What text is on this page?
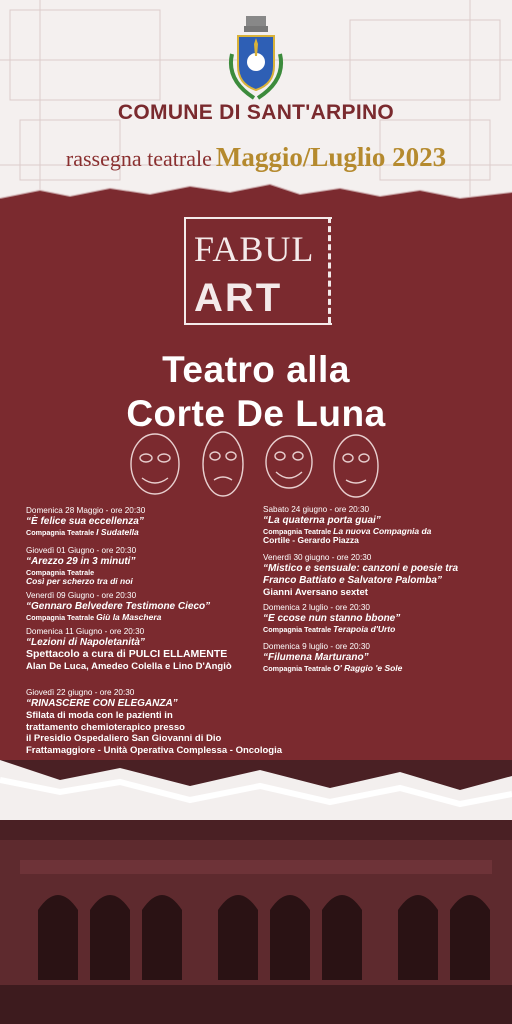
COMUNE DI SANT'ARPINO
rassegna teatrale Maggio/Luglio 2023
FABUL
ART
Teatro alla
Corte De Luna
Domenica 28 Maggio - ore 20:30
“È felice sua eccellenza”
Compagnia Teatrale I Sudatella
Giovedì 01 Giugno - ore 20:30
“Arezzo 29 in 3 minuti”
Compagnia Teatrale
Così per scherzo tra di noi
Venerdì 09 Giugno - ore 20:30
“Gennaro Belvedere Testimone Cieco”
Compagnia Teatrale Giù la Maschera
Domenica 11 Giugno - ore 20:30
“Lezioni di Napoletanità”
Spettacolo a cura di PULCI ELLAMENTE
Alan De Luca, Amedeo Colella e Lino D'Angiò
Giovedì 22 giugno - ore 20:30
“RINASCERE CON ELEGANZA”
Sfilata di moda con le pazienti in
trattamento chemioterapico presso
il Presidio Ospedaliero San Giovanni di Dio
Frattamaggiore - Unità Operativa Complessa - Oncologia
Sabato 24 giugno - ore 20:30
“La quaterna porta guai”
Compagnia Teatrale La nuova Compagnia da
Cortile - Gerardo Piazza
Venerdì 30 giugno - ore 20:30
“Mistico e sensuale: canzoni e poesie tra
Franco Battiato e Salvatore Palomba”
Gianni Aversano sextet
Domenica 2 luglio - ore 20:30
“E ccose nun stanno bbone”
Compagnia Teatrale Terapoia d'Urto
Domenica 9 luglio - ore 20:30
“Filumena Marturano”
Compagnia Teatrale O' Raggio 'e Sole
